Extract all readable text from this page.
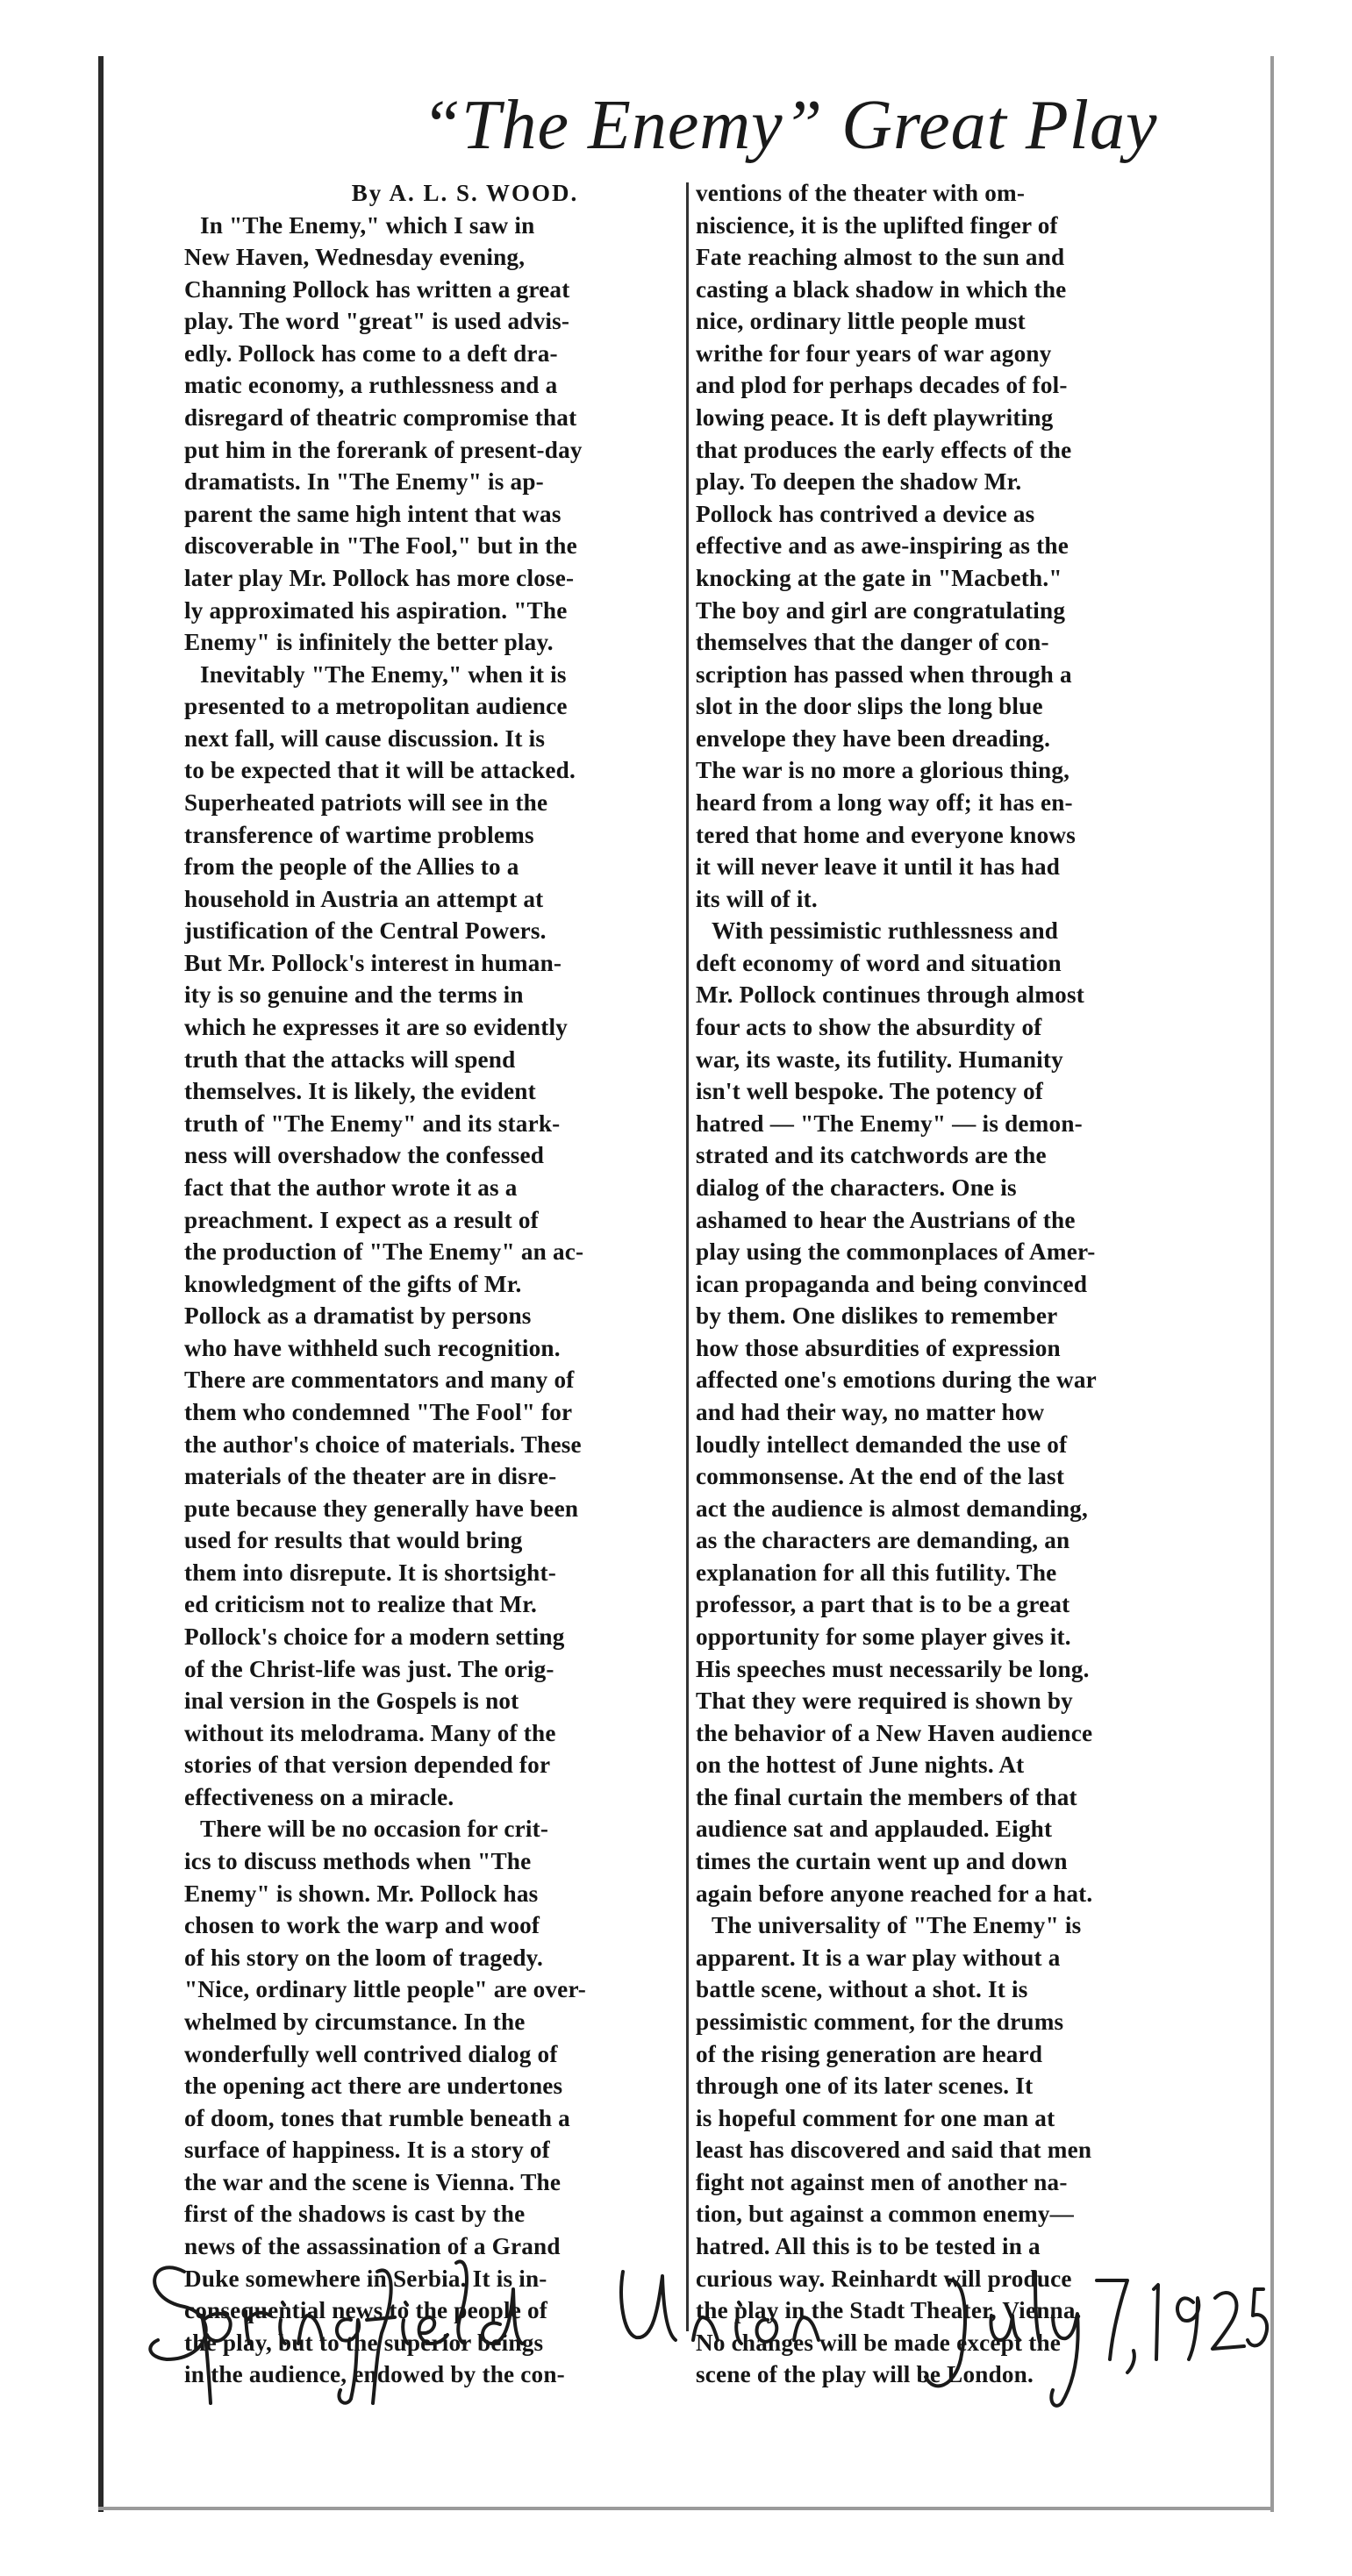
“The Enemy” Great Play
By A. L. S. WOOD.
In "The Enemy," which I saw in
New Haven, Wednesday evening,
Channing Pollock has written a great
play. The word "great" is used advis-
edly. Pollock has come to a deft dra-
matic economy, a ruthlessness and a
disregard of theatric compromise that
put him in the forerank of present-day
dramatists. In "The Enemy" is ap-
parent the same high intent that was
discoverable in "The Fool," but in the
later play Mr. Pollock has more close-
ly approximated his aspiration. "The
Enemy" is infinitely the better play.
Inevitably "The Enemy," when it is
presented to a metropolitan audience
next fall, will cause discussion. It is
to be expected that it will be attacked.
Superheated patriots will see in the
transference of wartime problems
from the people of the Allies to a
household in Austria an attempt at
justification of the Central Powers.
But Mr. Pollock's interest in human-
ity is so genuine and the terms in
which he expresses it are so evidently
truth that the attacks will spend
themselves. It is likely, the evident
truth of "The Enemy" and its stark-
ness will overshadow the confessed
fact that the author wrote it as a
preachment. I expect as a result of
the production of "The Enemy" an ac-
knowledgment of the gifts of Mr.
Pollock as a dramatist by persons
who have withheld such recognition.
There are commentators and many of
them who condemned "The Fool" for
the author's choice of materials. These
materials of the theater are in disre-
pute because they generally have been
used for results that would bring
them into disrepute. It is shortsight-
ed criticism not to realize that Mr.
Pollock's choice for a modern setting
of the Christ-life was just. The orig-
inal version in the Gospels is not
without its melodrama. Many of the
stories of that version depended for
effectiveness on a miracle.
There will be no occasion for crit-
ics to discuss methods when "The
Enemy" is shown. Mr. Pollock has
chosen to work the warp and woof
of his story on the loom of tragedy.
"Nice, ordinary little people" are over-
whelmed by circumstance. In the
wonderfully well contrived dialog of
the opening act there are undertones
of doom, tones that rumble beneath a
surface of happiness. It is a story of
the war and the scene is Vienna. The
first of the shadows is cast by the
news of the assassination of a Grand
Duke somewhere in Serbia. It is in-
consequential news to the people of
the play, but to the superior beings
in the audience, endowed by the con-
ventions of the theater with om-
niscience, it is the uplifted finger of
Fate reaching almost to the sun and
casting a black shadow in which the
nice, ordinary little people must
writhe for four years of war agony
and plod for perhaps decades of fol-
lowing peace. It is deft playwriting
that produces the early effects of the
play. To deepen the shadow Mr.
Pollock has contrived a device as
effective and as awe-inspiring as the
knocking at the gate in "Macbeth."
The boy and girl are congratulating
themselves that the danger of con-
scription has passed when through a
slot in the door slips the long blue
envelope they have been dreading.
The war is no more a glorious thing,
heard from a long way off; it has en-
tered that home and everyone knows
it will never leave it until it has had
its will of it.
With pessimistic ruthlessness and
deft economy of word and situation
Mr. Pollock continues through almost
four acts to show the absurdity of
war, its waste, its futility. Humanity
isn't well bespoke. The potency of
hatred — "The Enemy" — is demon-
strated and its catchwords are the
dialog of the characters. One is
ashamed to hear the Austrians of the
play using the commonplaces of Amer-
ican propaganda and being convinced
by them. One dislikes to remember
how those absurdities of expression
affected one's emotions during the war
and had their way, no matter how
loudly intellect demanded the use of
commonsense. At the end of the last
act the audience is almost demanding,
as the characters are demanding, an
explanation for all this futility. The
professor, a part that is to be a great
opportunity for some player gives it.
His speeches must necessarily be long.
That they were required is shown by
the behavior of a New Haven audience
on the hottest of June nights. At
the final curtain the members of that
audience sat and applauded. Eight
times the curtain went up and down
again before anyone reached for a hat.
The universality of "The Enemy" is
apparent. It is a war play without a
battle scene, without a shot. It is
pessimistic comment, for the drums
of the rising generation are heard
through one of its later scenes. It
is hopeful comment for one man at
least has discovered and said that men
fight not against men of another na-
tion, but against a common enemy—
hatred. All this is to be tested in a
curious way. Reinhardt will produce
the play in the Stadt Theater, Vienna.
No changes will be made except the
scene of the play will be London.
